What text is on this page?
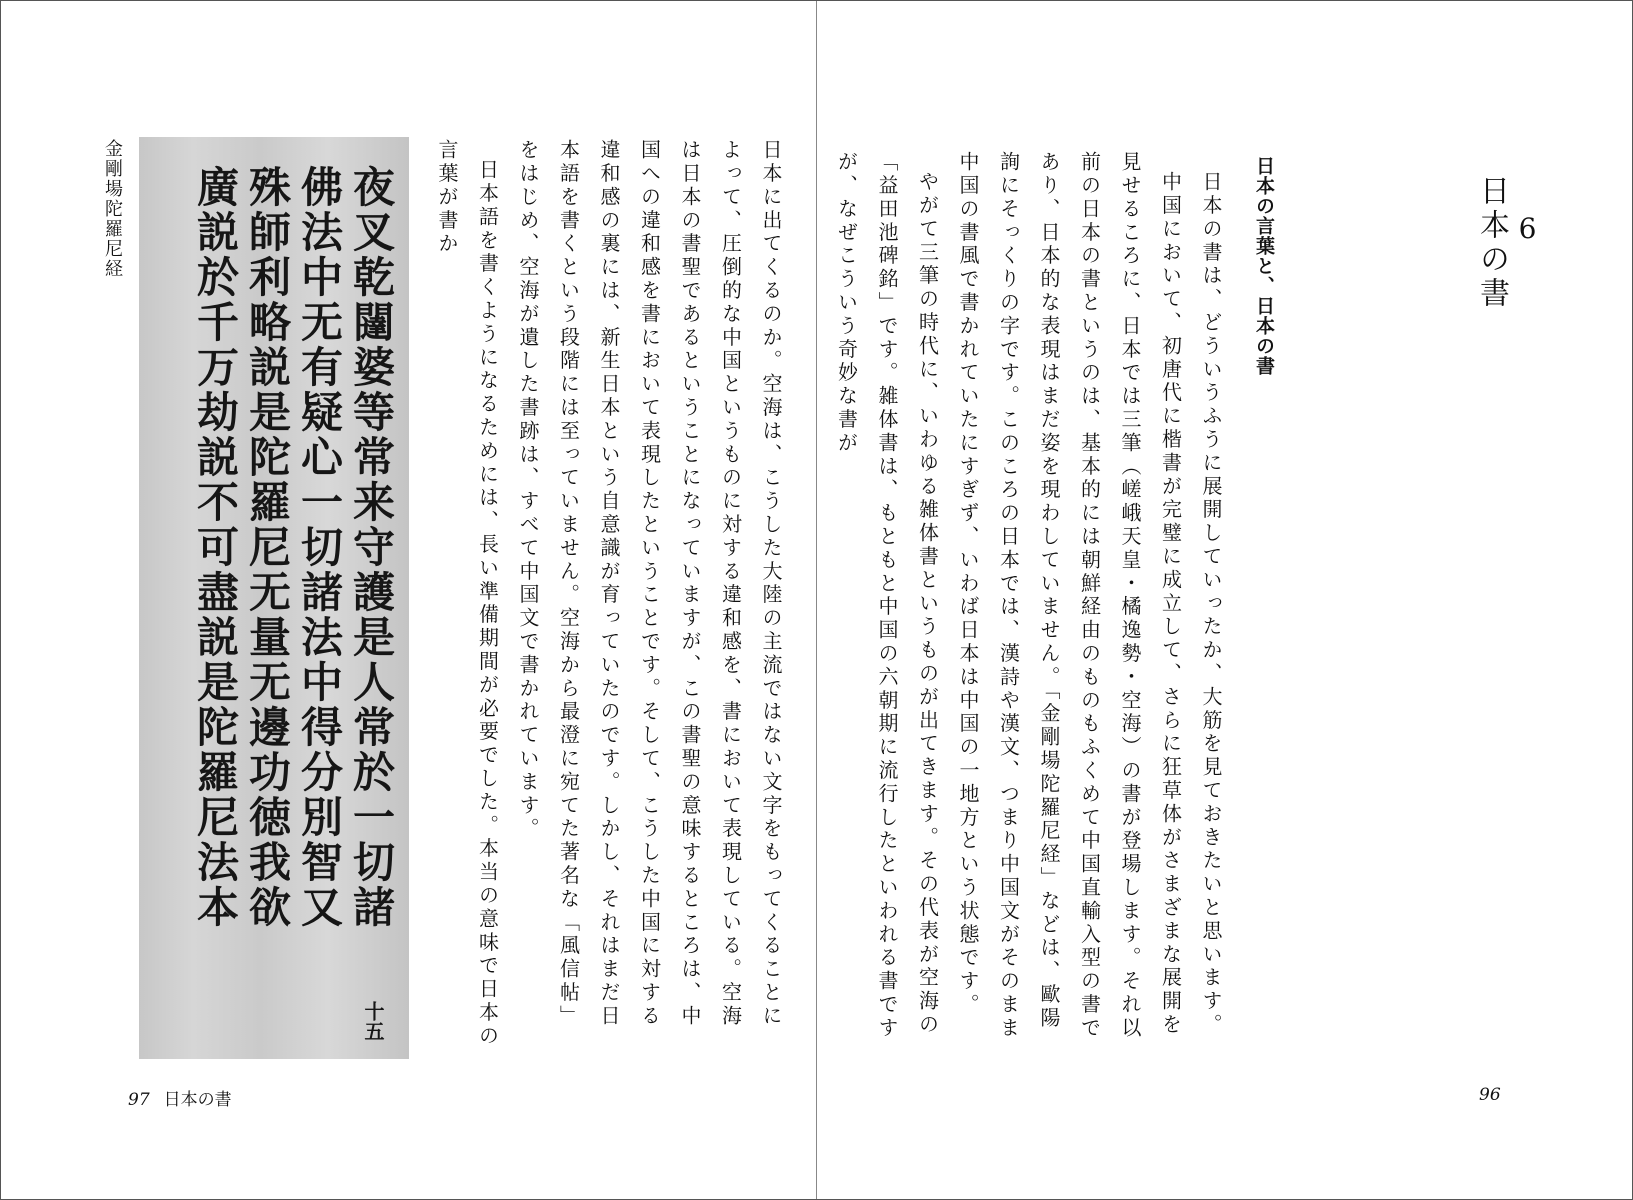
6
日本の書
日本の言葉と、日本の書

日本の書は、どういうふうに展開していったか、大筋を見ておきたいと思います。

中国において、初唐代に楷書が完璧に成立して、さらに狂草体がさまざまな展開を見せるころに、日本では三筆（嵯峨天皇・橘逸勢・空海）の書が登場します。それ以前の日本の書というのは、基本的には朝鮮経由のものもふくめて中国直輸入型の書であり、日本的な表現はまだ姿を現わしていません。「金剛場陀羅尼経」などは、歐陽詢にそっくりの字です。このころの日本では、漢詩や漢文、つまり中国文がそのまま中国の書風で書かれていたにすぎず、いわば日本は中国の一地方という状態です。

やがて三筆の時代に、いわゆる雑体書というものが出てきます。その代表が空海の「益田池碑銘」です。雑体書は、もともと中国の六朝期に流行したといわれる書ですが、なぜこういう奇妙な書が

96

日本に出てくるのか。空海は、こうした大陸の主流ではない文字をもってくることによって、圧倒的な中国というものに対する違和感を、書において表現している。空海は日本の書聖であるということになっていますが、この書聖の意味するところは、中国への違和感を書において表現したということです。そして、こうした中国に対する違和感の裏には、新生日本という自意識が育っていたのです。しかし、それはまだ日本語を書くという段階には至っていません。空海から最澄に宛てた著名な「風信帖」をはじめ、空海が遺した書跡は、すべて中国文で書かれています。

日本語を書くようになるためには、長い準備期間が必要でした。本当の意味で日本の言葉が書か

金剛場陀羅尼経	夜叉乾闥婆等常来守護是人常於一切諸
佛法中无有疑心一切諸法中得分別智又
殊師利略説是陀羅尼无量无邊功徳我欲
廣説於千万劫説不可盡説是陀羅尼法本
十五
97 日本の書
